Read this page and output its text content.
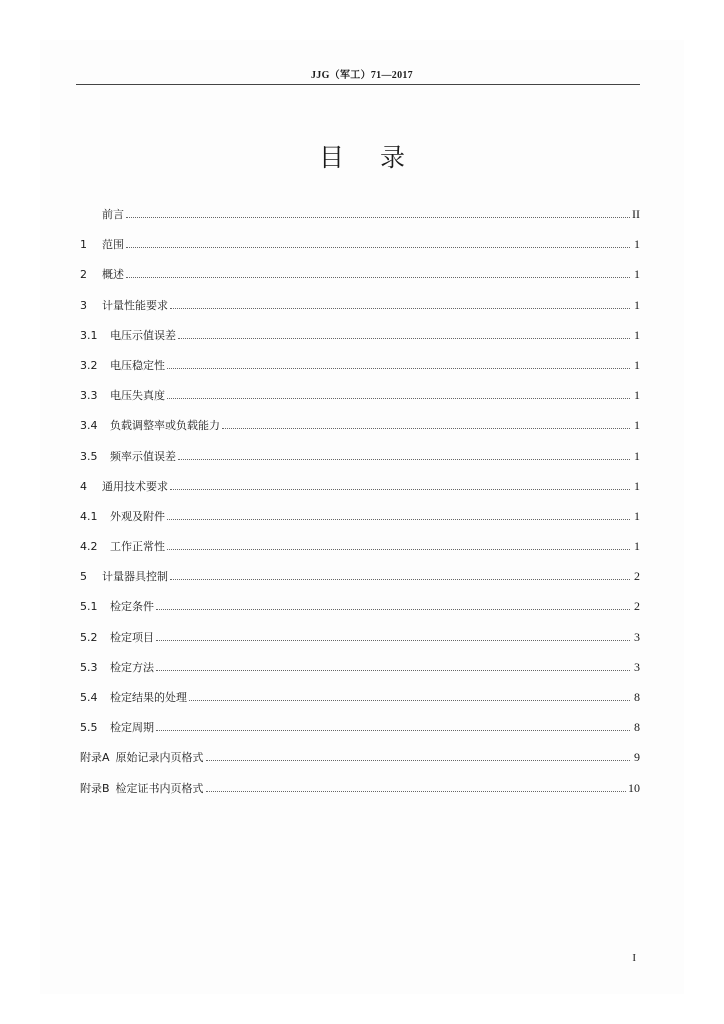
JJG（军工）71—2017
目录
前言	II
1	范围	1
2	概述	1
3	计量性能要求	1
3.1	电压示值误差	1
3.2	电压稳定性	1
3.3	电压失真度	1
3.4	负载调整率或负载能力	1
3.5	频率示值误差	1
4	通用技术要求	1
4.1	外观及附件	1
4.2	工作正常性	1
5	计量器具控制	2
5.1	检定条件	2
5.2	检定项目	3
5.3	检定方法	3
5.4	检定结果的处理	8
5.5	检定周期	8
附录A 原始记录内页格式	9
附录B 检定证书内页格式	10
I
